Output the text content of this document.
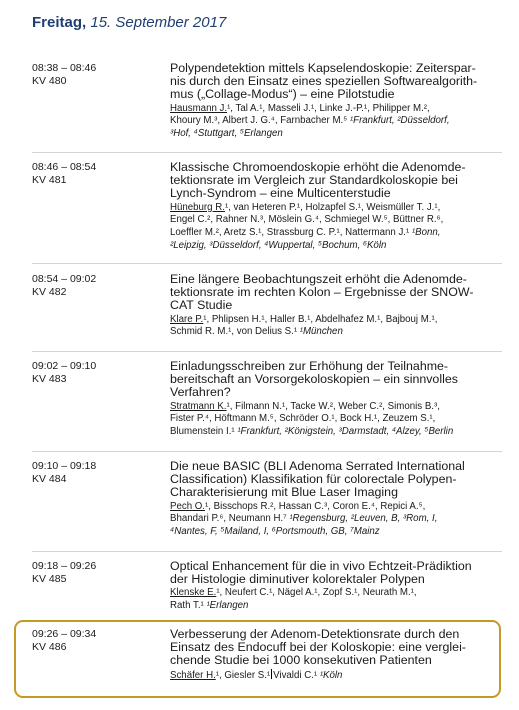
Freitag, 15. September 2017
08:38 – 08:46
KV 480
Polypendetektion mittels Kapselendoskopie: Zeiterspar-
nis durch den Einsatz eines speziellen Softwarealgorith-
mus („Collage-Modus“) – eine Pilotstudie
Hausmann J.¹, Tal A.¹, Masseli J.¹, Linke J.-P.¹, Philipper M.²,
Khoury M.³, Albert J. G.⁴, Farnbacher M.⁵ ¹Frankfurt, ²Düsseldorf,
³Hof, ⁴Stuttgart, ⁵Erlangen
08:46 – 08:54
KV 481
Klassische Chromoendoskopie erhöht die Adenomde-
tektionsrate im Vergleich zur Standardkoloskopie bei
Lynch-Syndrom – eine Multicenterstudie
Hüneburg R.¹, van Heteren P.¹, Holzapfel S.¹, Weismüller T. J.¹,
Engel C.², Rahner N.³, Möslein G.⁴, Schmiegel W.⁵, Büttner R.⁶,
Loeffler M.², Aretz S.¹, Strassburg C. P.¹, Nattermann J.¹ ¹Bonn,
²Leipzig, ³Düsseldorf, ⁴Wuppertal, ⁵Bochum, ⁶Köln
08:54 – 09:02
KV 482
Eine längere Beobachtungszeit erhöht die Adenomde-
tektionsrate im rechten Kolon – Ergebnisse der SNOW-
CAT Studie
Klare P.¹, Phlipsen H.¹, Haller B.¹, Abdelhafez M.¹, Bajbouj M.¹,
Schmid R. M.¹, von Delius S.¹ ¹München
09:02 – 09:10
KV 483
Einladungsschreiben zur Erhöhung der Teilnahme-
bereitschaft an Vorsorgekoloskopien – ein sinnvolles
Verfahren?
Stratmann K.¹, Filmann N.¹, Tacke W.², Weber C.², Simonis B.³,
Fister P.⁴, Höftmann M.⁵, Schröder O.¹, Bock H.¹, Zeuzem S.¹,
Blumenstein I.¹ ¹Frankfurt, ²Königstein, ³Darmstadt, ⁴Alzey, ⁵Berlin
09:10 – 09:18
KV 484
Die neue BASIC (BLI Adenoma Serrated International
Classification) Klassifikation für colorectale Polypen-
Charakterisierung mit Blue Laser Imaging
Pech O.¹, Bisschops R.², Hassan C.³, Coron E.⁴, Repici A.⁵,
Bhandari P.⁶, Neumann H.⁷ ¹Regensburg, ²Leuven, B, ³Rom, I,
⁴Nantes, F, ⁵Mailand, I, ⁶Portsmouth, GB, ⁷Mainz
09:18 – 09:26
KV 485
Optical Enhancement für die in vivo Echtzeit-Prädiktion
der Histologie diminutiver kolorektaler Polypen
Klenske E.¹, Neufert C.¹, Nägel A.¹, Zopf S.¹, Neurath M.¹,
Rath T.¹ ¹Erlangen
09:26 – 09:34
KV 486
Verbesserung der Adenom-Detektionsrate durch den
Einsatz des Endocuff bei der Koloskopie: eine verglei-
chende Studie bei 1000 konsekutiven Patienten
Schäfer H.¹, Giesler S.¹ Vivaldi C.¹ ¹Köln
